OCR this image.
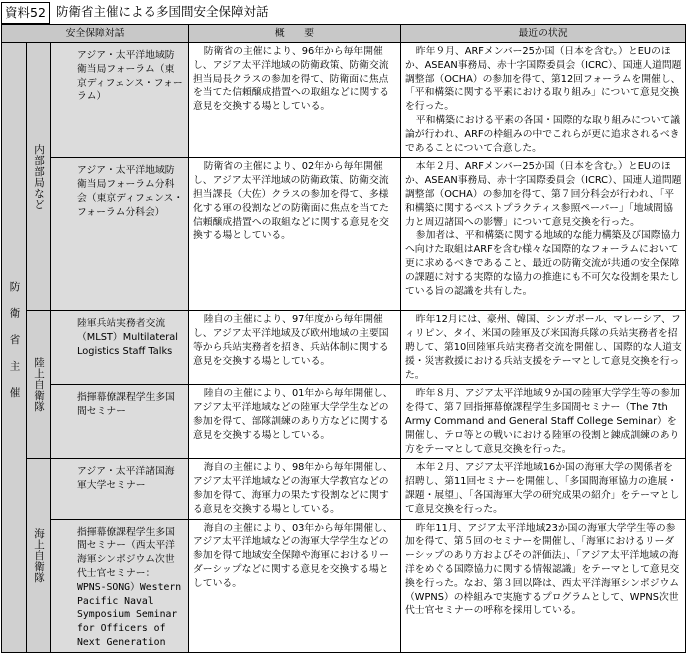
資料52 防衛省主催による多国間安全保障対話
安全保障対話			概　　要	最近の状況

防衛省主催	内部部局など	アジア・太平洋地域防衛当局フォーラム（東京ディフェンス・フォーラム）	防衛省の主催により、96年から毎年開催し、アジア太平洋地域の防衛政策、防衛交流担当局長クラスの参加を得て、防衛面に焦点を当てた信頼醸成措置への取組などに関する意見を交換する場としている。	昨年９月、ARFメンバー25か国（日本を含む。）とEUのほか、ASEAN事務局、赤十字国際委員会（ICRC）、国連人道問題調整部（OCHA）の参加を得て、第12回フォーラムを開催し、「平和構築に関する平素における取り組み」について意見交換を行った。
平和構築における平素の各国・国際的な取り組みについて議論が行われ、ARFの枠組みの中でこれらが更に追求されるべきであることについて合意した。

		アジア・太平洋地域防衛当局フォーラム分科会（東京ディフェンス・フォーラム分科会）	防衛省の主催により、02年から毎年開催し、アジア太平洋地域の防衛政策、防衛交流担当課長（大佐）クラスの参加を得て、多様化する軍の役割などの防衛面に焦点を当てた信頼醸成措置への取組などに関する意見を交換する場としている。	本年２月、ARFメンバー25か国（日本を含む。）とEUのほか、ASEAN事務局、赤十字国際委員会（ICRC）、国連人道問題調整部（OCHA）の参加を得て、第７回分科会が行われ、「平和構築に関するベストプラクティス参照ペーパー」「地域間協力と周辺諸国への影響」について意見交換を行った。
参加者は、平和構築に関する地域的な能力構築及び国際協力へ向けた取組はARFを含む様々な国際的なフォーラムにおいて更に求めるべきであること、最近の防衛交流が共通の安全保障の課題に対する実際的な協力の推進にも不可欠な役割を果たしている旨の認識を共有した。

	陸上自衛隊	陸軍兵站実務者交流（MLST）Multilateral Logistics Staff Talks	陸自の主催により、97年度から毎年開催し、アジア太平洋地域及び欧州地域の主要国等から兵站実務者を招き、兵站体制に関する意見を交換する場としている。	昨年12月には、豪州、韓国、シンガポール、マレーシア、フィリピン、タイ、米国の陸軍及び米国海兵隊の兵站実務者を招聘して、第10回陸軍兵站実務者交流を開催し、国際的な人道支援・災害救援における兵站支援をテーマとして意見交換を行った。

		指揮幕僚課程学生多国間セミナー	陸自の主催により、01年から毎年開催し、アジア太平洋地域などの陸軍大学学生などの参加を得て、部隊訓練のあり方などに関する意見を交換する場としている。	昨年８月、アジア太平洋地域９か国の陸軍大学学生等の参加を得て、第７回指揮幕僚課程学生多国間セミナー（The 7th Army Command and General Staff College Seminar）を開催し、テロ等との戦いにおける陸軍の役割と錬成訓練のあり方をテーマとして意見交換を行った。

	海上自衛隊	アジア・太平洋諸国海軍大学セミナー	海自の主催により、98年から毎年開催し、アジア太平洋地域などの海軍大学教官などの参加を得て、海軍力の果たす役割などに関する意見を交換する場としている。	本年２月、アジア太平洋地域16か国の海軍大学の関係者を招聘し、第11回セミナーを開催し、「多国間海軍協力の進展・課題・展望」、「各国海軍大学の研究成果の紹介」をテーマとして意見交換を行った。

		指揮幕僚課程学生多国間セミナー（西太平洋海軍シンポジウム次世代士官セミナー：WPNS-SONG）Western Pacific Naval Symposium Seminar for Officers of Next Generation	海自の主催により、03年から毎年開催し、アジア太平洋地域などの海軍大学学生などの参加を得て地域安全保障や海軍におけるリーダーシップなどに関する意見を交換する場としている。	昨年11月、アジア太平洋地域23か国の海軍大学学生等の参加を得て、第５回のセミナーを開催し、「海軍におけるリーダーシップのあり方およびその評価法」、「アジア太平洋地域の海洋をめぐる国際協力に関する情報認識」をテーマとして意見交換を行った。なお、第３回以降は、西太平洋海軍シンポジウム（WPNS）の枠組みで実施するプログラムとして、WPNS次世代士官セミナーの呼称を採用している。
